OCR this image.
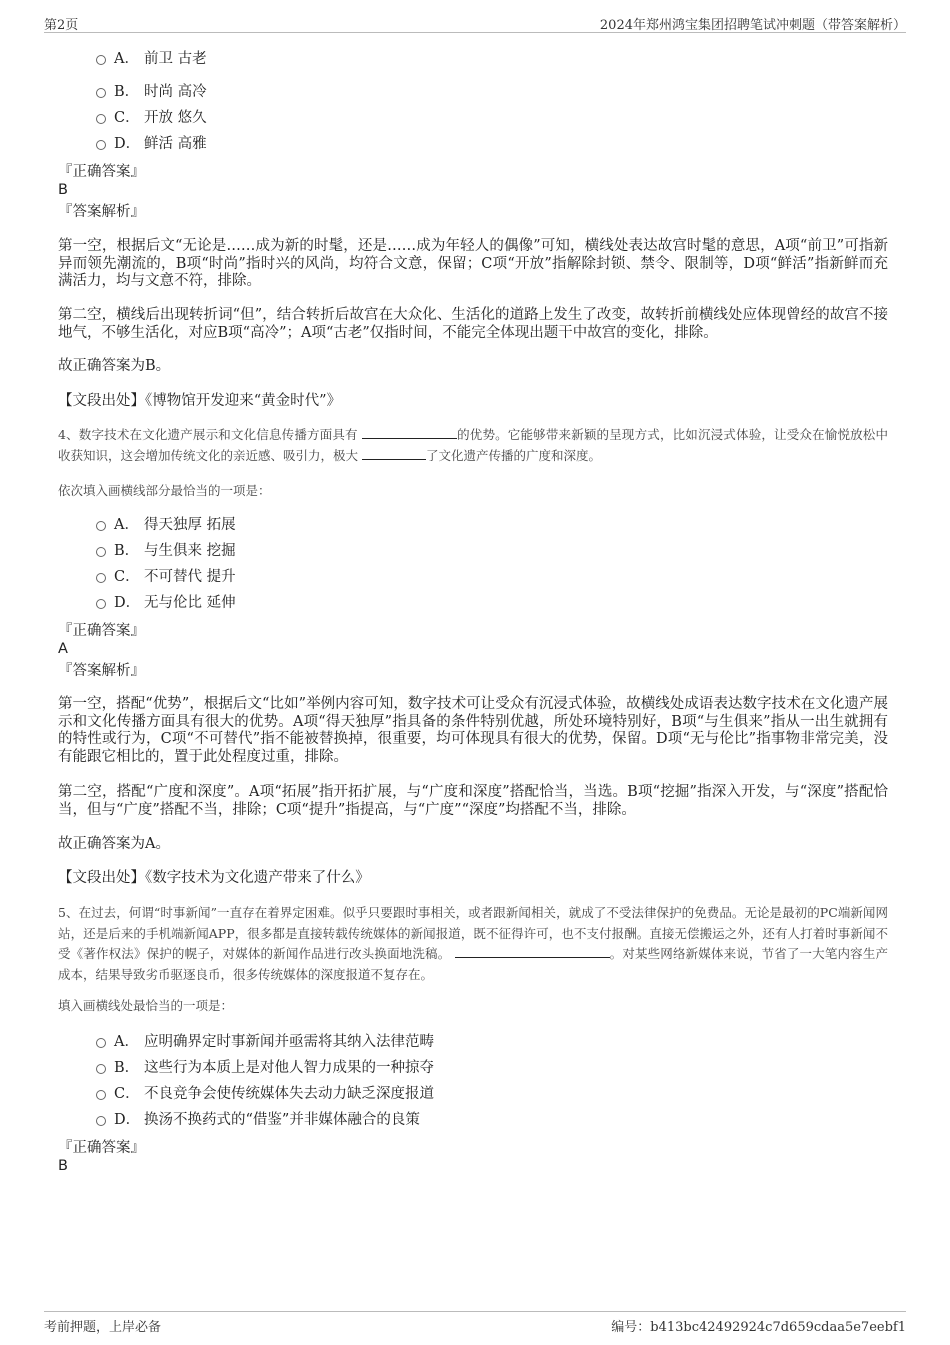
第2页	2024年郑州鸿宝集团招聘笔试冲刺题（带答案解析）
A． 前卫 古老
B． 时尚 高冷
C． 开放 悠久
D． 鲜活 高雅
『正确答案』
B
『答案解析』
第一空，根据后文“无论是……成为新的时髦，还是……成为年轻人的偶像”可知，横线处表达故宫时髦的意思，A项“前卫”可指新异而领先潮流的，B项“时尚”指时兴的风尚，均符合文意，保留；C项“开放”指解除封锁、禁令、限制等，D项“鲜活”指新鲜而充满活力，均与文意不符，排除。
第二空，横线后出现转折词“但”，结合转折后故宫在大众化、生活化的道路上发生了改变，故转折前横线处应体现曾经的故宫不接地气，不够生活化，对应B项“高冷”；A项“古老”仅指时间，不能完全体现出题干中故宫的变化，排除。
故正确答案为B。
【文段出处】《博物馆开发迎来“黄金时代”》
4、数字技术在文化遗产展示和文化信息传播方面具有	的优势。它能够带来新颖的呈现方式，比如沉浸式体验，让受众在愉悦放松中收获知识，这会增加传统文化的亲近感、吸引力，极大	了文化遗产传播的广度和深度。
依次填入画横线部分最恰当的一项是：
A． 得天独厚 拓展
B． 与生俱来 挖掘
C． 不可替代 提升
D． 无与伦比 延伸
『正确答案』
A
『答案解析』
第一空，搭配“优势”，根据后文“比如”举例内容可知，数字技术可让受众有沉浸式体验，故横线处成语表达数字技术在文化遗产展示和文化传播方面具有很大的优势。A项“得天独厚”指具备的条件特别优越，所处环境特别好，B项“与生俱来”指从一出生就拥有的特性或行为，C项“不可替代”指不能被替换掉，很重要，均可体现具有很大的优势，保留。D项“无与伦比”指事物非常完美，没有能跟它相比的，置于此处程度过重，排除。
第二空，搭配“广度和深度”。A项“拓展”指开拓扩展，与“广度和深度”搭配恰当，当选。B项“挖掘”指深入开发，与“深度”搭配恰当，但与“广度”搭配不当，排除；C项“提升”指提高，与“广度”“深度”均搭配不当，排除。
故正确答案为A。
【文段出处】《数字技术为文化遗产带来了什么》
5、在过去，何谓“时事新闻”一直存在着界定困难。似乎只要跟时事相关，或者跟新闻相关，就成了不受法律保护的免费品。无论是最初的PC端新闻网站，还是后来的手机端新闻APP，很多都是直接转载传统媒体的新闻报道，既不征得许可，也不支付报酬。直接无偿搬运之外，还有人打着时事新闻不受《著作权法》保护的幌子，对媒体的新闻作品进行改头换面地洗稿。	。对某些网络新媒体来说，节省了一大笔内容生产成本，结果导致劣币驱逐良币，很多传统媒体的深度报道不复存在。
填入画横线处最恰当的一项是：
A． 应明确界定时事新闻并亟需将其纳入法律范畴
B． 这些行为本质上是对他人智力成果的一种掠夺
C． 不良竞争会使传统媒体失去动力缺乏深度报道
D． 换汤不换药式的“借鉴”并非媒体融合的良策
『正确答案』
B
考前押题，上岸必备	编号：b413bc42492924c7d659cdaa5e7eebf1
